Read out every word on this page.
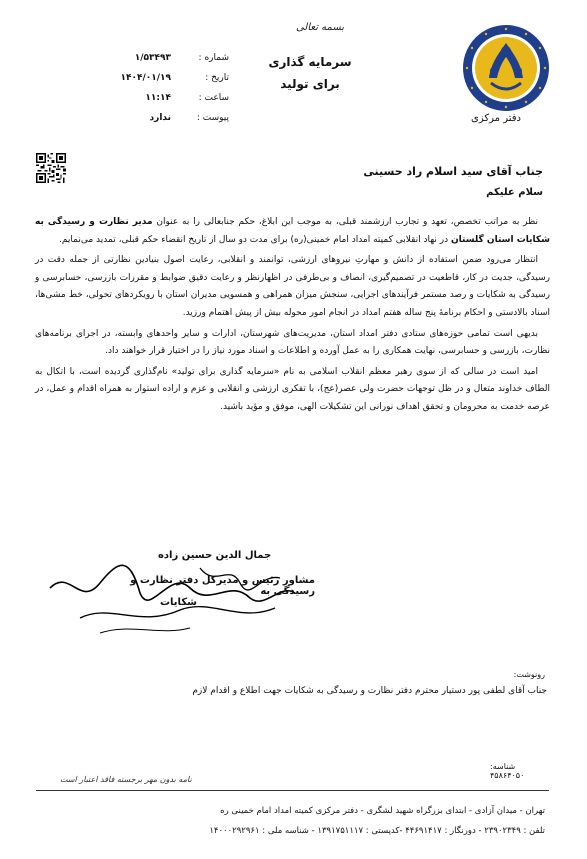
دفتر مرکزی
بسمه تعالی
سرمایه گذاری
برای تولید
شماره :
۱/۵۳۴۹۳
تاریخ :
۱۴۰۴/۰۱/۱۹
ساعت :
۱۱:۱۴
پیوست :
ندارد
جناب آقای سید اسلام راد حسینی
سلام علیکم

نظر به مراتب تخصص، تعهد و تجارب ارزشمند قبلی، به موجب این ابلاغ، حکم جنابعالی را به عنوان مدیر نظارت و رسیدگی به شکایات استان گلستان در نهاد انقلابی کمیته امداد امام خمینی(ره) برای مدت دو سال از تاریخ انقضاء حکم قبلی، تمدید می‌نمایم.

انتظار می‌رود ضمن استفاده از دانش و مهارتِ نیروهای ارزشی، توانمند و انقلابی، رعایت اصول بنیادین نظارتی از جمله دقت در رسیدگی، جدیت در کار، قاطعیت در تصمیم‌گیری، انصاف و بی‌طرفی در اظهارنظر و رعایت دقیق ضوابط و مقررات بازرسی، حسابرسی و رسیدگی به شکایات و رصد مستمر فرآیندهای اجرایی، سنجش میزان همراهی و همسویی مدیران استان با رویکردهای تحولی، خط مشی‌ها، اسناد بالادستی و احکام برنامهٔ پنج ساله هفتم امداد در انجام امور محوله بیش از پیش اهتمام ورزید.

بدیهی است تمامی حوزه‌های ستادی دفتر امداد استان، مدیریت‌های شهرستان، ادارات و سایر واحدهای وابسته، در اجرای برنامه‌های نظارت، بازرسی و حسابرسی، نهایت همکاری را به عمل آورده و اطلاعات و اسناد مورد نیاز را در اختیار قرار خواهند داد.

امید است در سالی که از سوی رهبر معظم انقلاب اسلامی به نام «سرمایه گذاری برای تولید» نام‌گذاری گردیده است، با اتکال به الطاف خداوند متعال و در ظل توجهات حضرت ولی عصر(عج)، با تفکری ارزشی و انقلابی و عزم و اراده استوار به همراه اقدام و عمل، در عرصه خدمت به محرومان و تحقق اهداف نورانی این تشکیلات الهی، موفق و مؤید باشید.

جمال الدین حسین زاده
مشاور رئیس و مدیرکل دفتر نظارت و رسیدگی به
شکایات
رونوشت:
جناب آقای لطفی پور دستیار محترم دفتر نظارت و رسیدگی به شکایات جهت اطلاع و اقدام لازم
شناسه: ۴۵۸۶۴۰۵۰
نامه بدون مهر برجسته فاقد اعتبار است
تهران - میدان آزادی - ابتدای بزرگراه شهید لشگری - دفتر مرکزی کمیته امداد امام خمینی ره
تلفن : ۲۳۹۰۲۳۴۹ - دورنگار : ۴۴۶۹۱۴۱۷ -کدپستی : ۱۳۹۱۷۵۱۱۱۷ - شناسه ملی : ۱۴۰۰۰۲۹۲۹۶۱
